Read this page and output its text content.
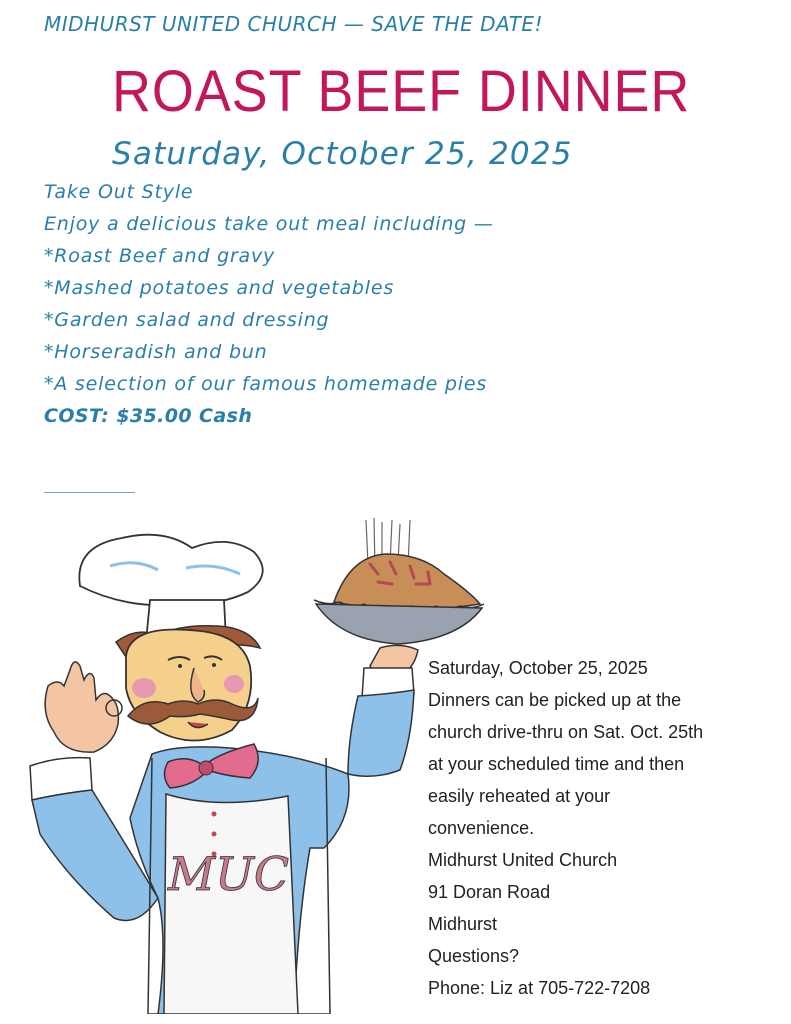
MIDHURST UNITED CHURCH — SAVE THE DATE!
ROAST BEEF DINNER
Saturday, October 25, 2025
Take Out Style
Enjoy a delicious take out meal including —
*Roast Beef and gravy
*Mashed potatoes and vegetables
*Garden salad and dressing
*Horseradish and bun
*A selection of our famous homemade pies
COST: $35.00 Cash
MUC
Saturday, October 25, 2025
Dinners can be picked up at the
church drive-thru on Sat. Oct. 25th
at your scheduled time and then
easily reheated at your
convenience.
Midhurst United Church
91 Doran Road
Midhurst
Questions?
Phone: Liz at 705-722-7208
